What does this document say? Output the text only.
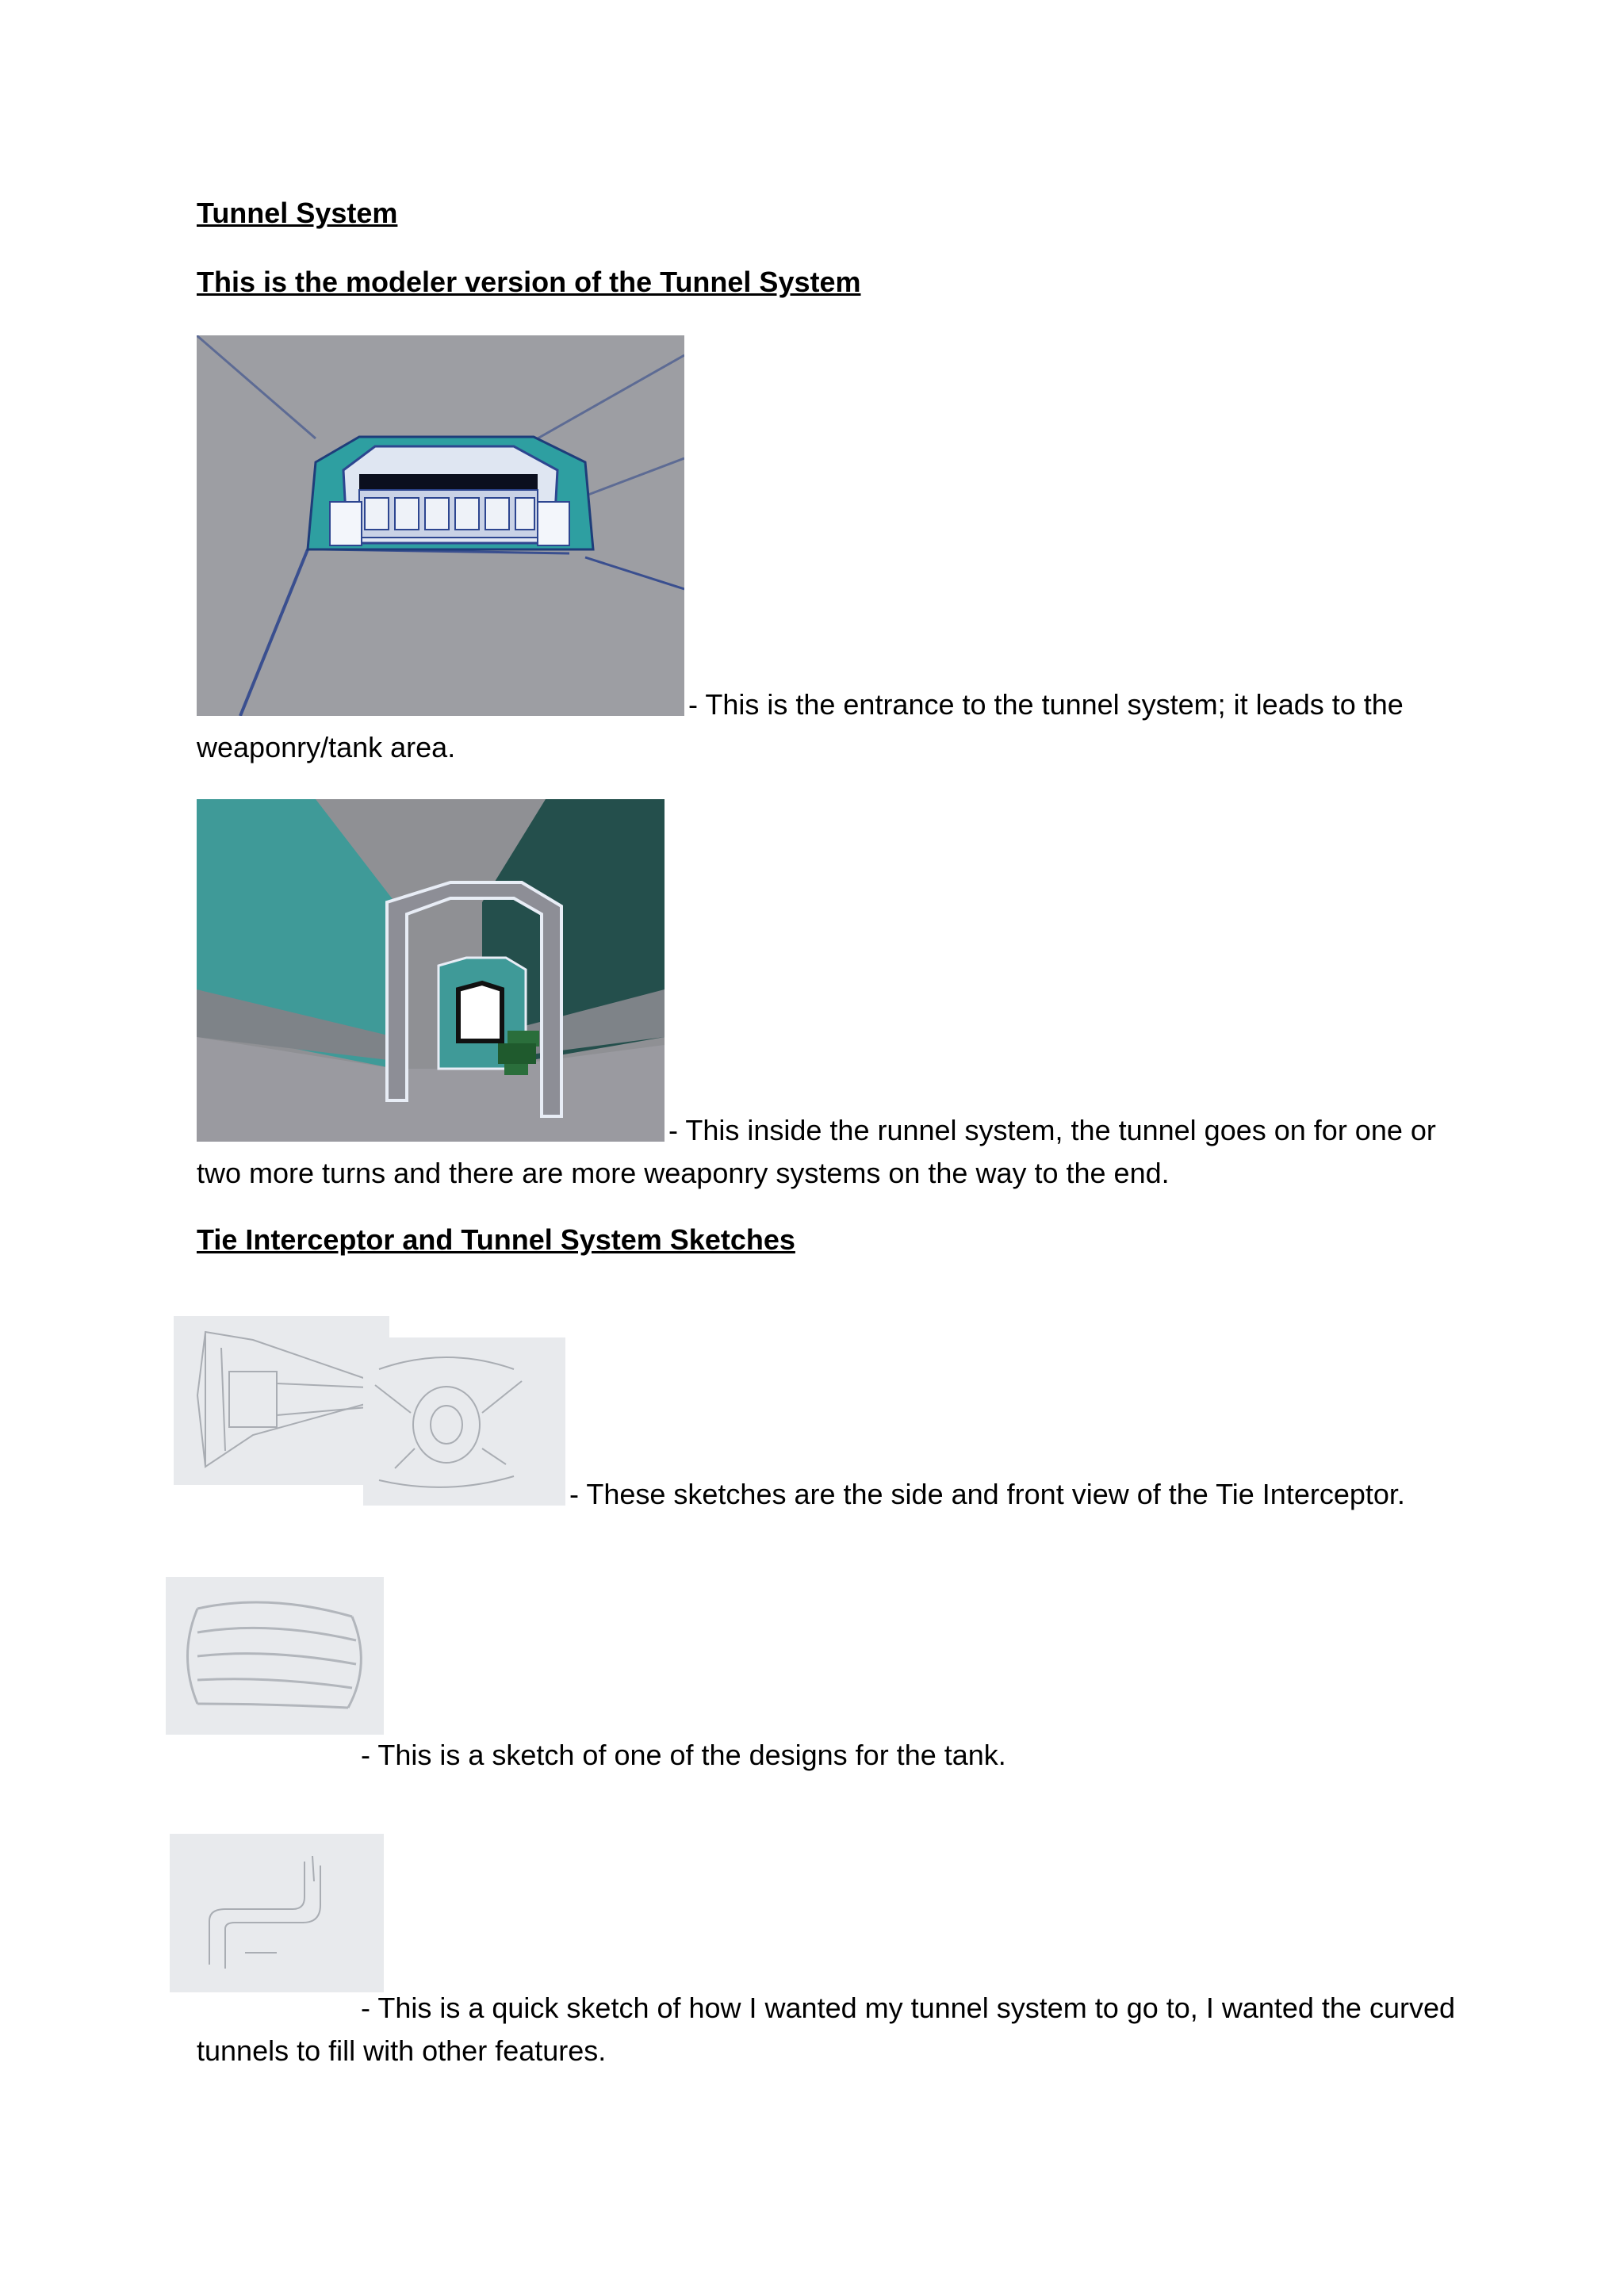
Tunnel System
This is the modeler version of the Tunnel System
- This is the entrance to the tunnel system; it leads to the
weaponry/tank area.
- This inside the runnel system, the tunnel goes on for one or
two more turns and there are more weaponry systems on the way to the end.
Tie Interceptor and Tunnel System Sketches
- These sketches are the side and front view of the Tie Interceptor.
- This is a sketch of one of the designs for the tank.
- This is a quick sketch of how I wanted my tunnel system to go to, I wanted the curved
tunnels to fill with other features.
